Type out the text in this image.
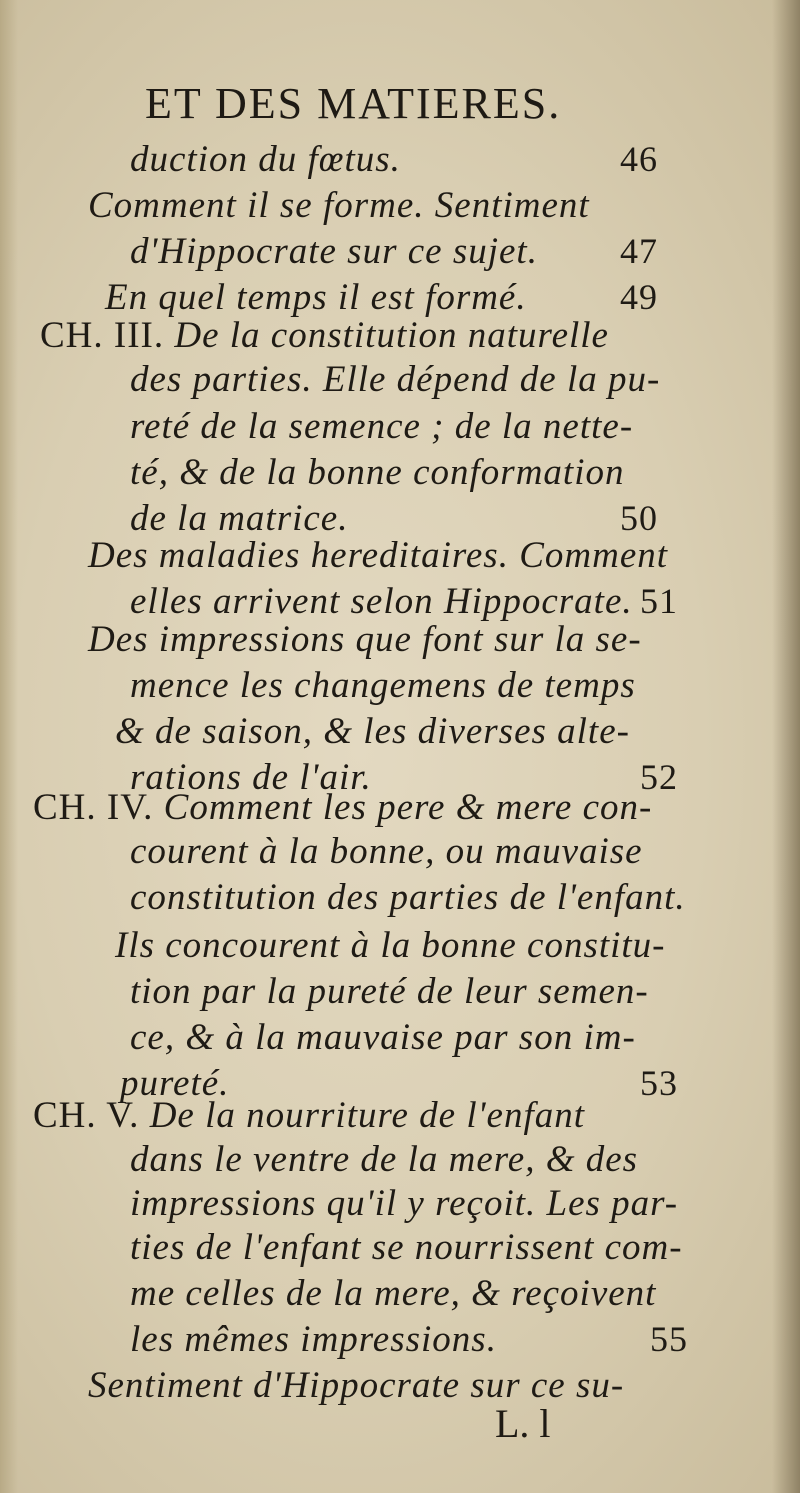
ET DES MATIERES.
duction du fœtus.	46
Comment il se forme. Sentiment
d'Hippocrate sur ce sujet. 47
En quel temps il est formé.	49
CH. III. De la constitution naturelle
des parties. Elle dépend de la pu-
reté de la semence ; de la nette-
té, & de la bonne conformation
de la matrice.	50
Des maladies hereditaires. Comment
elles arrivent selon Hippocrate. 51
Des impressions que font sur la se-
mence les changemens de temps
& de saison, & les diverses alte-
rations de l'air.	52
CH. IV. Comment les pere & mere con-
courent à la bonne, ou mauvaise
constitution des parties de l'enfant.
Ils concourent à la bonne constitu-
tion par la pureté de leur semen-
ce, & à la mauvaise par son im-
pureté.	53
CH. V. De la nourriture de l'enfant
dans le ventre de la mere, & des
impressions qu'il y reçoit. Les par-
ties de l'enfant se nourrissent com-
me celles de la mere, & reçoivent
les mêmes impressions.	55
Sentiment d'Hippocrate sur ce su-
L. l
